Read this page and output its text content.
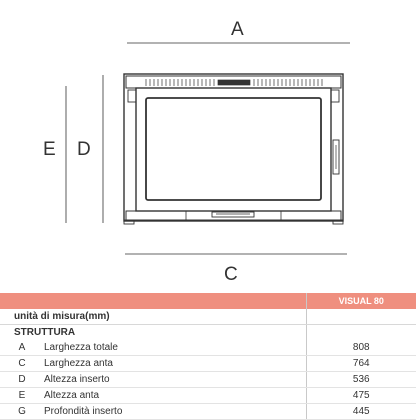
A
E D
C
		VISUAL 80
unità di misura(mm)		
STRUTTURA		
A	Larghezza totale	808
C	Larghezza anta	764
D	Altezza inserto	536
E	Altezza anta	475
G	Profondità inserto	445
